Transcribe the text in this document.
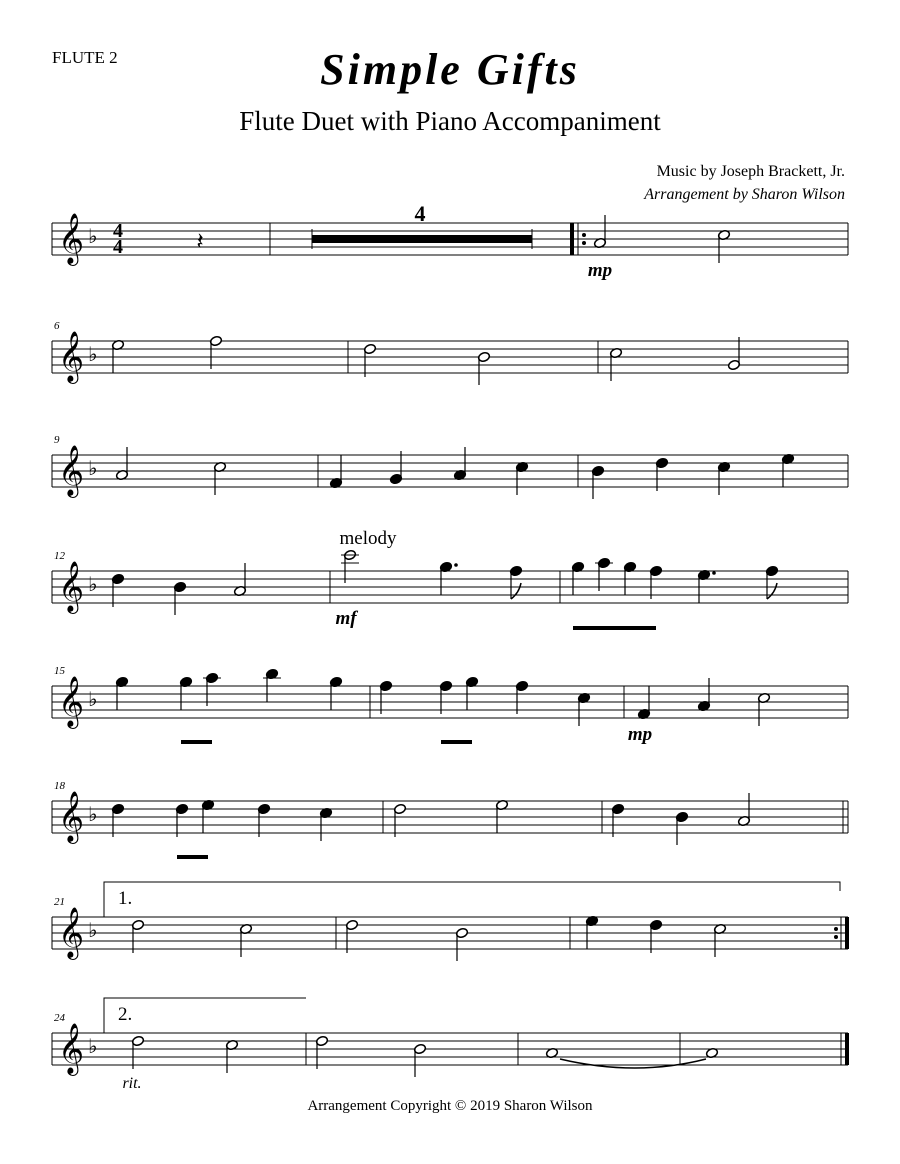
FLUTE 2	Simple Gifts
Flute Duet with Piano Accompaniment
Music by Joseph Brackett, Jr.
Arrangement by Sharon Wilson
𝄞 ♭
𝄞 ♭
6
𝄞 ♭
9
𝄞 ♭
12
𝄞 ♭
15
𝄞 ♭
18
𝄞 ♭
21
𝄞 ♭
24
4
4
4
mp
melody
mf
mp
rit.
1.
2.
𝄽
Arrangement Copyright © 2019 Sharon Wilson
